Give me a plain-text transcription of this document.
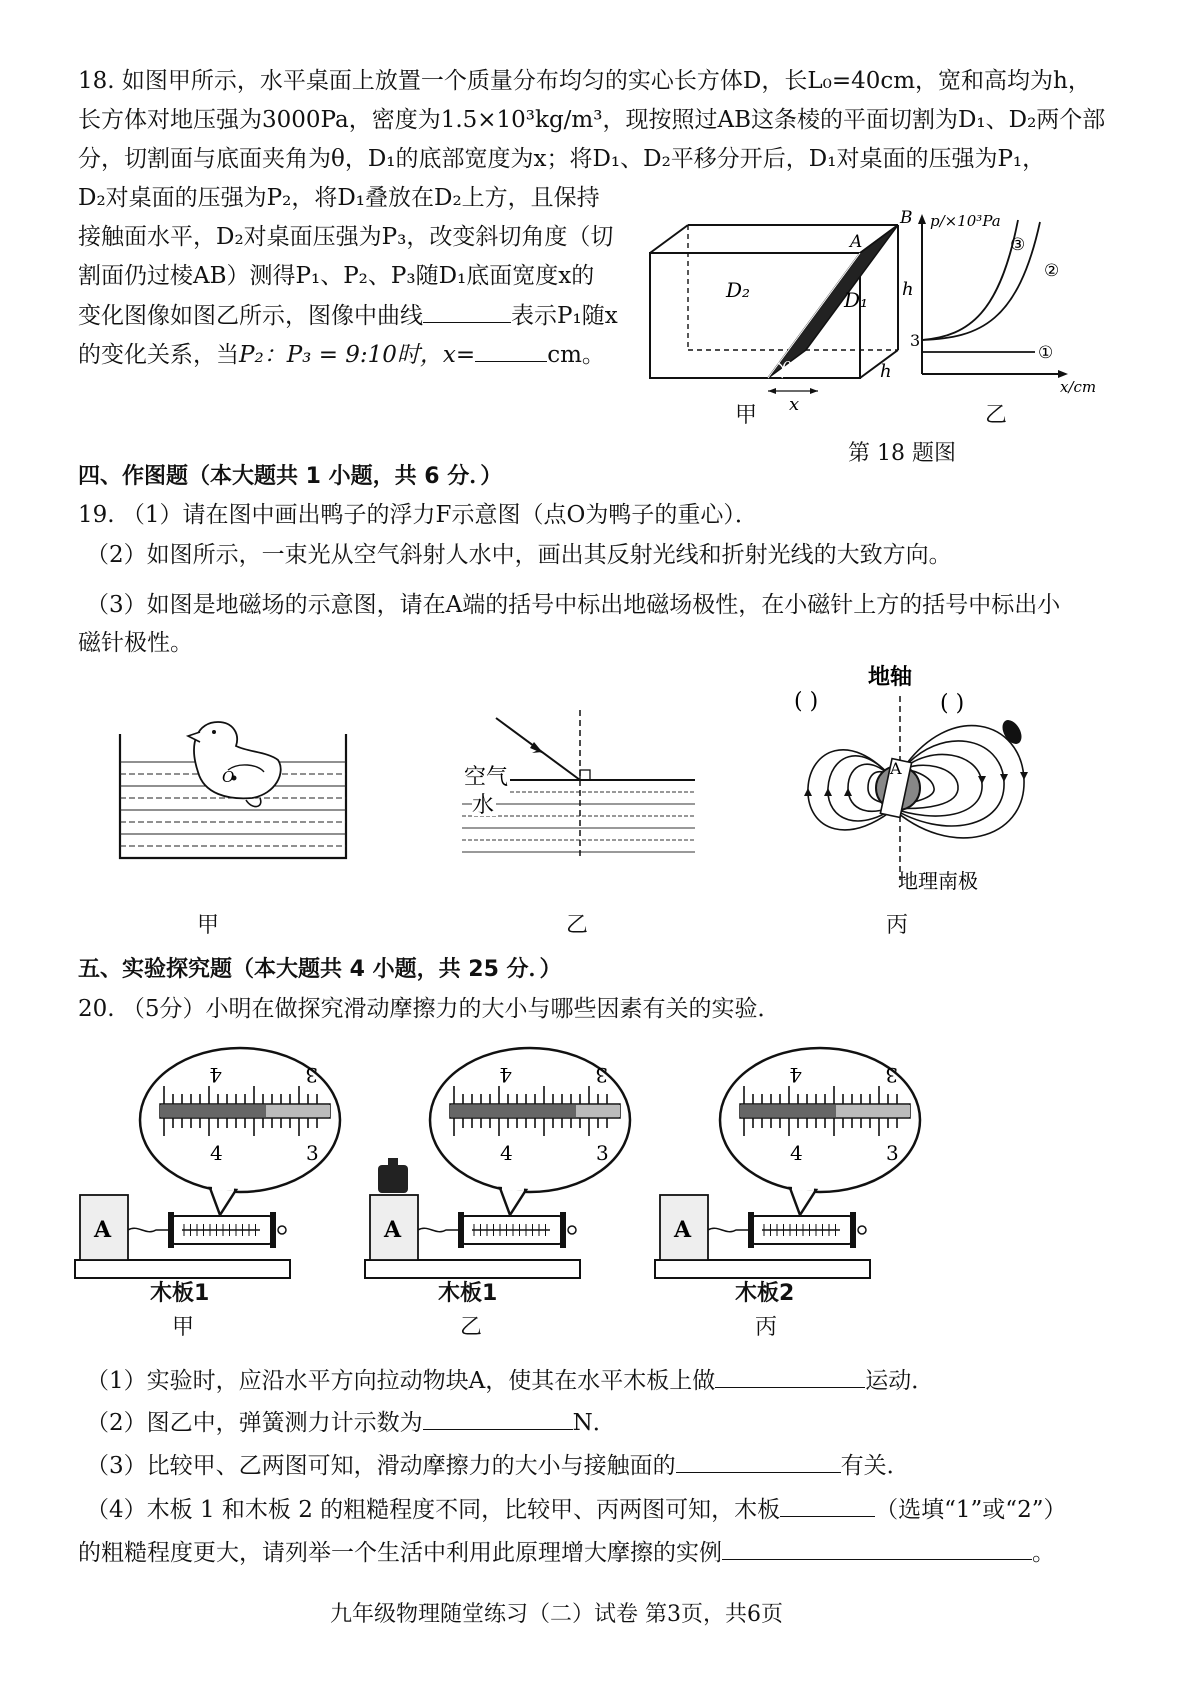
18. 如图甲所示，水平桌面上放置一个质量分布均匀的实心长方体D，长L₀=40cm，宽和高均为h，
长方体对地压强为3000Pa，密度为1.5×10³kg/m³，现按照过AB这条棱的平面切割为D₁、D₂两个部
分，切割面与底面夹角为θ，D₁的底部宽度为x；将D₁、D₂平移分开后，D₁对桌面的压强为P₁，
D₂对桌面的压强为P₂，将D₁叠放在D₂上方，且保持
接触面水平，D₂对桌面压强为P₃，改变斜切角度（切
割面仍过棱AB）测得P₁、P₂、P₃随D₁底面宽度x的
变化图像如图乙所示，图像中曲线	表示P₁随x
的变化关系，当P₂：P₃ = 9:10时，x=	cm。
D₂	D₁
A
B
h
h
θ
x
甲
p/×10³Pa
3
①
②
③
x/cm
乙
第 18 题图
四、作图题（本大题共 1 小题，共 6 分．）
19. （1）请在图中画出鸭子的浮力F示意图（点O为鸭子的重心）．
（2）如图所示，一束光从空气斜射人水中，画出其反射光线和折射光线的大致方向。
（3）如图是地磁场的示意图，请在A端的括号中标出地磁场极性，在小磁针上方的括号中标出小
磁针极性。
O
甲
空气
水
乙
地轴
A
( )	( )
地理南极
丙
五、实验探究题（本大题共 4 小题，共 25 分．）
20. （5分）小明在做探究滑动摩擦力的大小与哪些因素有关的实验．
4	3
4	3
A
4	3
4	3
A
4	3
4	3
A
木板1
甲
木板1
乙
木板2
丙
（1）实验时，应沿水平方向拉动物块A，使其在水平木板上做	运动．
（2）图乙中，弹簧测力计示数为	N．
（3）比较甲、乙两图可知，滑动摩擦力的大小与接触面的	有关．
（4）木板 1 和木板 2 的粗糙程度不同，比较甲、丙两图可知，木板	（选填“1”或“2”）
的粗糙程度更大，请列举一个生活中利用此原理增大摩擦的实例	。
九年级物理随堂练习（二）试卷 第3页，共6页
